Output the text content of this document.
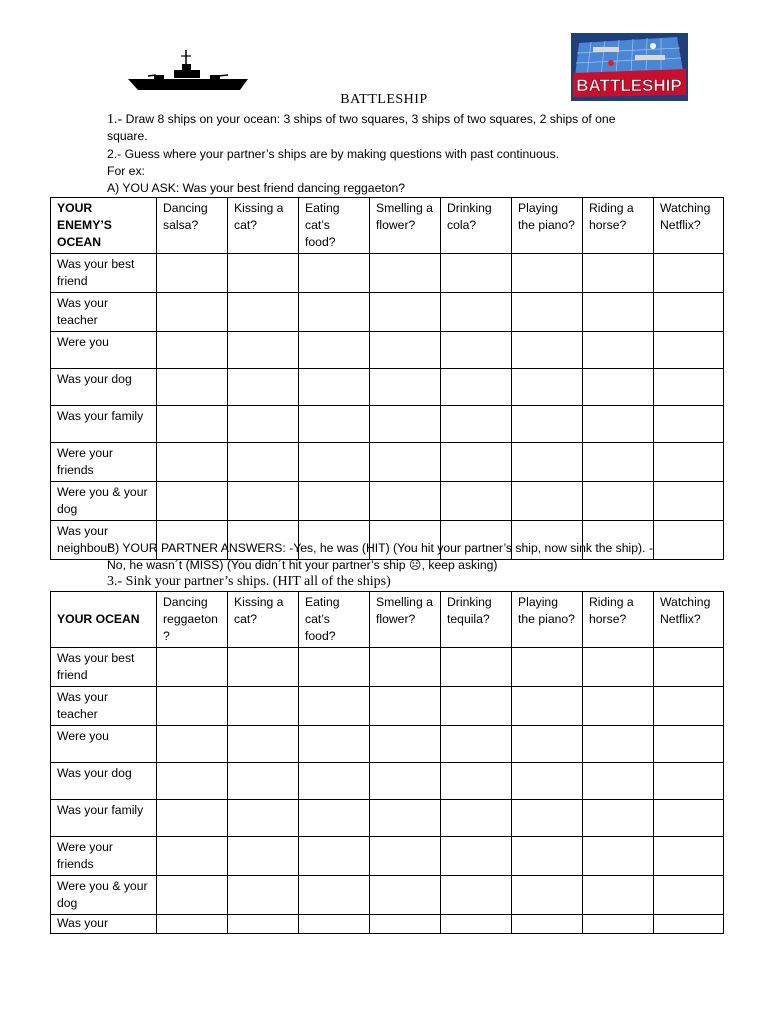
BATTLESHIP
BATTLESHIP
1.- Draw 8 ships on your ocean: 3 ships of two squares, 3 ships of two squares, 2 ships of one
square.
2.- Guess where your partner’s ships are by making questions with past continuous.
For ex:
A) YOU ASK: Was your best friend dancing reggaeton?
YOUR ENEMY’S OCEAN	Dancing salsa?	Kissing a cat?	Eating cat’s food?	Smelling a flower?	Drinking cola?	Playing the piano?	Riding a horse?	Watching Netflix?
Was your best friend								
Was your teacher								
Were you								
Was your dog								
Was your family								
Were your friends								
Were you & your dog								
Was your neighbour								
B) YOUR PARTNER ANSWERS: -Yes, he was (HIT) (You hit your partner’s ship, now sink the ship). -
No, he wasn´t (MISS) (You didn´t hit your partner’s ship ☹, keep asking)
3.- Sink your partner’s ships. (HIT all of the ships)
YOUR OCEAN	Dancing reggaeton ?	Kissing a cat?	Eating cat’s food?	Smelling a flower?	Drinking tequila?	Playing the piano?	Riding a horse?	Watching Netflix?
Was your best friend								
Was your teacher								
Were you								
Was your dog								
Was your family								
Were your friends								
Were you & your dog								
Was your								
